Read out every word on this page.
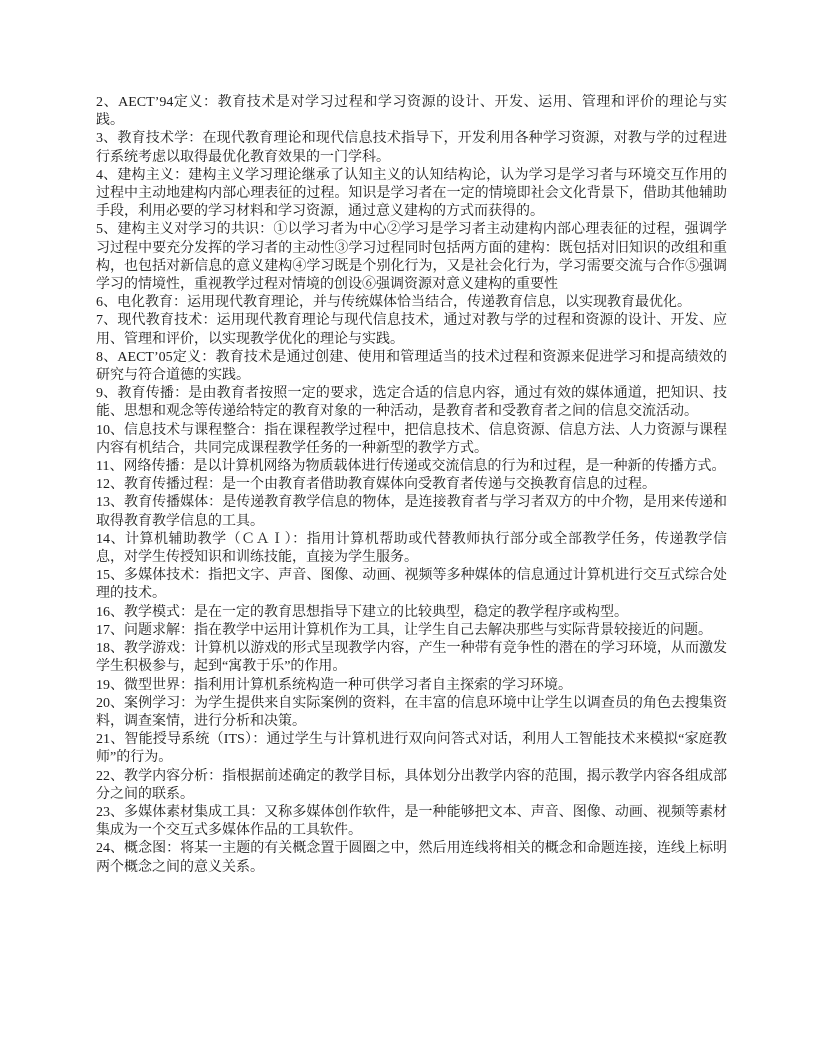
2、AECT’94定义：教育技术是对学习过程和学习资源的设计、开发、运用、管理和评价的理论与实践。

3、教育技术学：在现代教育理论和现代信息技术指导下，开发利用各种学习资源，对教与学的过程进行系统考虑以取得最优化教育效果的一门学科。

4、建构主义：建构主义学习理论继承了认知主义的认知结构论，认为学习是学习者与环境交互作用的过程中主动地建构内部心理表征的过程。知识是学习者在一定的情境即社会文化背景下，借助其他辅助手段，利用必要的学习材料和学习资源，通过意义建构的方式而获得的。

5、建构主义对学习的共识：①以学习者为中心②学习是学习者主动建构内部心理表征的过程，强调学习过程中要充分发挥的学习者的主动性③学习过程同时包括两方面的建构：既包括对旧知识的改组和重构，也包括对新信息的意义建构④学习既是个别化行为，又是社会化行为，学习需要交流与合作⑤强调学习的情境性，重视教学过程对情境的创设⑥强调资源对意义建构的重要性

6、电化教育：运用现代教育理论，并与传统媒体恰当结合，传递教育信息，以实现教育最优化。

7、现代教育技术：运用现代教育理论与现代信息技术，通过对教与学的过程和资源的设计、开发、应用、管理和评价，以实现教学优化的理论与实践。

8、AECT’05定义：教育技术是通过创建、使用和管理适当的技术过程和资源来促进学习和提高绩效的研究与符合道德的实践。

9、教育传播：是由教育者按照一定的要求，选定合适的信息内容，通过有效的媒体通道，把知识、技能、思想和观念等传递给特定的教育对象的一种活动，是教育者和受教育者之间的信息交流活动。

10、信息技术与课程整合：指在课程教学过程中，把信息技术、信息资源、信息方法、人力资源与课程内容有机结合，共同完成课程教学任务的一种新型的教学方式。

11、网络传播：是以计算机网络为物质载体进行传递或交流信息的行为和过程，是一种新的传播方式。

12、教育传播过程：是一个由教育者借助教育媒体向受教育者传递与交换教育信息的过程。

13、教育传播媒体：是传递教育教学信息的物体，是连接教育者与学习者双方的中介物，是用来传递和取得教育教学信息的工具。

14、计算机辅助教学（ＣＡＩ）：指用计算机帮助或代替教师执行部分或全部教学任务，传递教学信息，对学生传授知识和训练技能，直接为学生服务。

15、多媒体技术：指把文字、声音、图像、动画、视频等多种媒体的信息通过计算机进行交互式综合处理的技术。

16、教学模式：是在一定的教育思想指导下建立的比较典型，稳定的教学程序或构型。

17、问题求解：指在教学中运用计算机作为工具，让学生自己去解决那些与实际背景较接近的问题。

18、教学游戏：计算机以游戏的形式呈现教学内容，产生一种带有竞争性的潜在的学习环境，从而激发学生积极参与，起到“寓教于乐”的作用。

19、微型世界：指利用计算机系统构造一种可供学习者自主探索的学习环境。

20、案例学习：为学生提供来自实际案例的资料，在丰富的信息环境中让学生以调查员的角色去搜集资料，调查案情，进行分析和决策。

21、智能授导系统（ITS）：通过学生与计算机进行双向问答式对话，利用人工智能技术来模拟“家庭教师”的行为。

22、教学内容分析：指根据前述确定的教学目标，具体划分出教学内容的范围，揭示教学内容各组成部分之间的联系。

23、多媒体素材集成工具：又称多媒体创作软件，是一种能够把文本、声音、图像、动画、视频等素材集成为一个交互式多媒体作品的工具软件。

24、概念图：将某一主题的有关概念置于圆圈之中，然后用连线将相关的概念和命题连接，连线上标明两个概念之间的意义关系。
